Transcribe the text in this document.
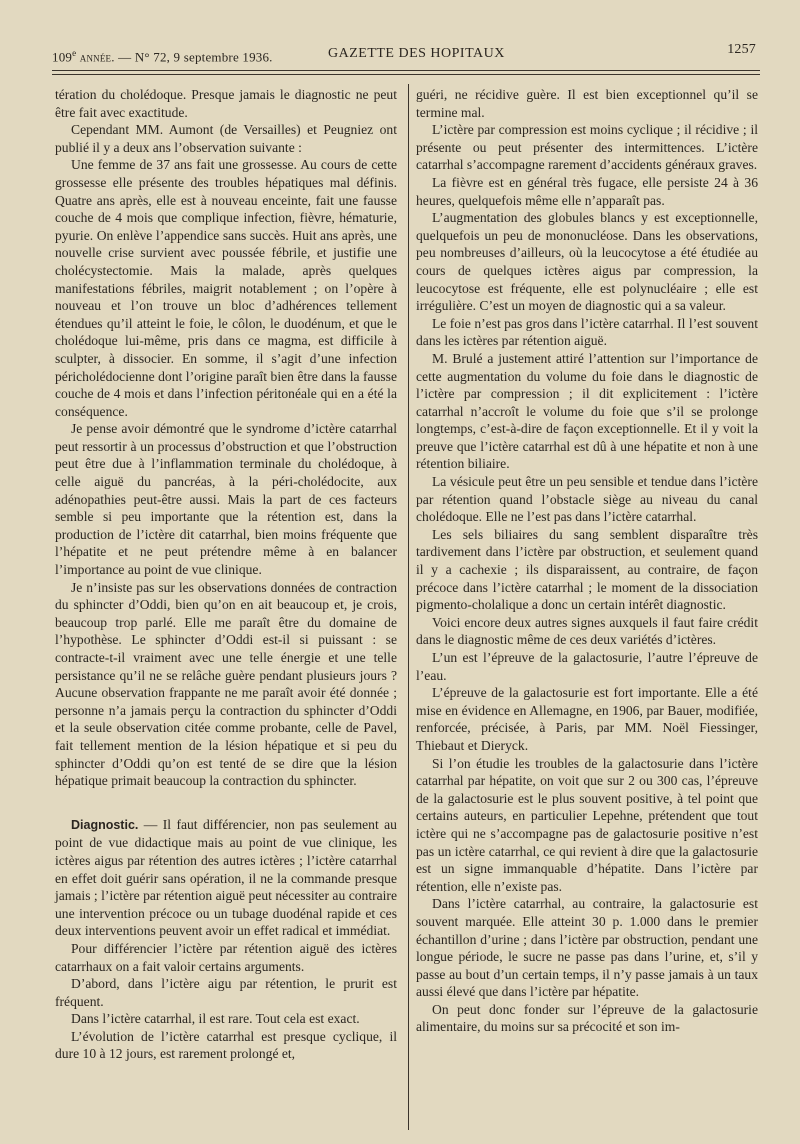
109e année. — N° 72, 9 septembre 1936.	GAZETTE DES HOPITAUX	1257

tération du cholédoque. Presque jamais le diagnostic ne peut être fait avec exactitude.

Cependant MM. Aumont (de Versailles) et Peugniez ont publié il y a deux ans l’observation suivante :

Une femme de 37 ans fait une grossesse. Au cours de cette grossesse elle présente des troubles hépatiques mal définis. Quatre ans après, elle est à nouveau enceinte, fait une fausse couche de 4 mois que complique infection, fièvre, hématurie, pyurie. On enlève l’appendice sans succès. Huit ans après, une nouvelle crise survient avec poussée fébrile, et justifie une cholécystectomie. Mais la malade, après quelques manifestations fébriles, maigrit notablement ; on l’opère à nouveau et l’on trouve un bloc d’adhérences tellement étendues qu’il atteint le foie, le côlon, le duodénum, et que le cholédoque lui-même, pris dans ce magma, est difficile à sculpter, à dissocier. En somme, il s’agit d’une infection péricholédocienne dont l’origine paraît bien être dans la fausse couche de 4 mois et dans l’infection péritonéale qui en a été la conséquence.

Je pense avoir démontré que le syndrome d’ictère catarrhal peut ressortir à un processus d’obstruction et que l’obstruction peut être due à l’inflammation terminale du cholédoque, à celle aiguë du pancréas, à la péri-cholédocite, aux adénopathies peut-être aussi. Mais la part de ces facteurs semble si peu importante que la rétention est, dans la production de l’ictère dit catarrhal, bien moins fréquente que l’hépatite et ne peut prétendre même à en balancer l’importance au point de vue clinique.

Je n’insiste pas sur les observations données de contraction du sphincter d’Oddi, bien qu’on en ait beaucoup et, je crois, beaucoup trop parlé. Elle me paraît être du domaine de l’hypothèse. Le sphincter d’Oddi est-il si puissant : se contracte-t-il vraiment avec une telle énergie et une telle persistance qu’il ne se relâche guère pendant plusieurs jours ? Aucune observation frappante ne me paraît avoir été donnée ; personne n’a jamais perçu la contraction du sphincter d’Oddi et la seule observation citée comme probante, celle de Pavel, fait tellement mention de la lésion hépatique et si peu du sphincter d’Oddi qu’on est tenté de se dire que la lésion hépatique primait beaucoup la contraction du sphincter.

Diagnostic. — Il faut différencier, non pas seulement au point de vue didactique mais au point de vue clinique, les ictères aigus par rétention des autres ictères ; l’ictère catarrhal en effet doit guérir sans opération, il ne la commande presque jamais ; l’ictère par rétention aiguë peut nécessiter au contraire une intervention précoce ou un tubage duodénal rapide et ces deux interventions peuvent avoir un effet radical et immédiat.

Pour différencier l’ictère par rétention aiguë des ictères catarrhaux on a fait valoir certains arguments.

D’abord, dans l’ictère aigu par rétention, le prurit est fréquent.

Dans l’ictère catarrhal, il est rare. Tout cela est exact.

L’évolution de l’ictère catarrhal est presque cyclique, il dure 10 à 12 jours, est rarement prolongé et,

guéri, ne récidive guère. Il est bien exceptionnel qu’il se termine mal.

L’ictère par compression est moins cyclique ; il récidive ; il présente ou peut présenter des intermittences. L’ictère catarrhal s’accompagne rarement d’accidents généraux graves.

La fièvre est en général très fugace, elle persiste 24 à 36 heures, quelquefois même elle n’apparaît pas.

L’augmentation des globules blancs y est exceptionnelle, quelquefois un peu de mononucléose. Dans les observations, peu nombreuses d’ailleurs, où la leucocytose a été étudiée au cours de quelques ictères aigus par compression, la leucocytose est fréquente, elle est polynucléaire ; elle est irrégulière. C’est un moyen de diagnostic qui a sa valeur.

Le foie n’est pas gros dans l’ictère catarrhal. Il l’est souvent dans les ictères par rétention aiguë.

M. Brulé a justement attiré l’attention sur l’importance de cette augmentation du volume du foie dans le diagnostic de l’ictère par compression ; il dit explicitement : l’ictère catarrhal n’accroît le volume du foie que s’il se prolonge longtemps, c’est-à-dire de façon exceptionnelle. Et il y voit la preuve que l’ictère catarrhal est dû à une hépatite et non à une rétention biliaire.

La vésicule peut être un peu sensible et tendue dans l’ictère par rétention quand l’obstacle siège au niveau du canal cholédoque. Elle ne l’est pas dans l’ictère catarrhal.

Les sels biliaires du sang semblent disparaître très tardivement dans l’ictère par obstruction, et seulement quand il y a cachexie ; ils disparaissent, au contraire, de façon précoce dans l’ictère catarrhal ; le moment de la dissociation pigmento-cholalique a donc un certain intérêt diagnostic.

Voici encore deux autres signes auxquels il faut faire crédit dans le diagnostic même de ces deux variétés d’ictères.

L’un est l’épreuve de la galactosurie, l’autre l’épreuve de l’eau.

L’épreuve de la galactosurie est fort importante. Elle a été mise en évidence en Allemagne, en 1906, par Bauer, modifiée, renforcée, précisée, à Paris, par MM. Noël Fiessinger, Thiebaut et Dieryck.

Si l’on étudie les troubles de la galactosurie dans l’ictère catarrhal par hépatite, on voit que sur 2 ou 300 cas, l’épreuve de la galactosurie est le plus souvent positive, à tel point que certains auteurs, en particulier Lepehne, prétendent que tout ictère qui ne s’accompagne pas de galactosurie positive n’est pas un ictère catarrhal, ce qui revient à dire que la galactosurie est un signe immanquable d’hépatite. Dans l’ictère par rétention, elle n’existe pas.

Dans l’ictère catarrhal, au contraire, la galactosurie est souvent marquée. Elle atteint 30 p. 1.000 dans le premier échantillon d’urine ; dans l’ictère par obstruction, pendant une longue période, le sucre ne passe pas dans l’urine, et, s’il y passe au bout d’un certain temps, il n’y passe jamais à un taux aussi élevé que dans l’ictère par hépatite.

On peut donc fonder sur l’épreuve de la galactosurie alimentaire, du moins sur sa précocité et son im-
